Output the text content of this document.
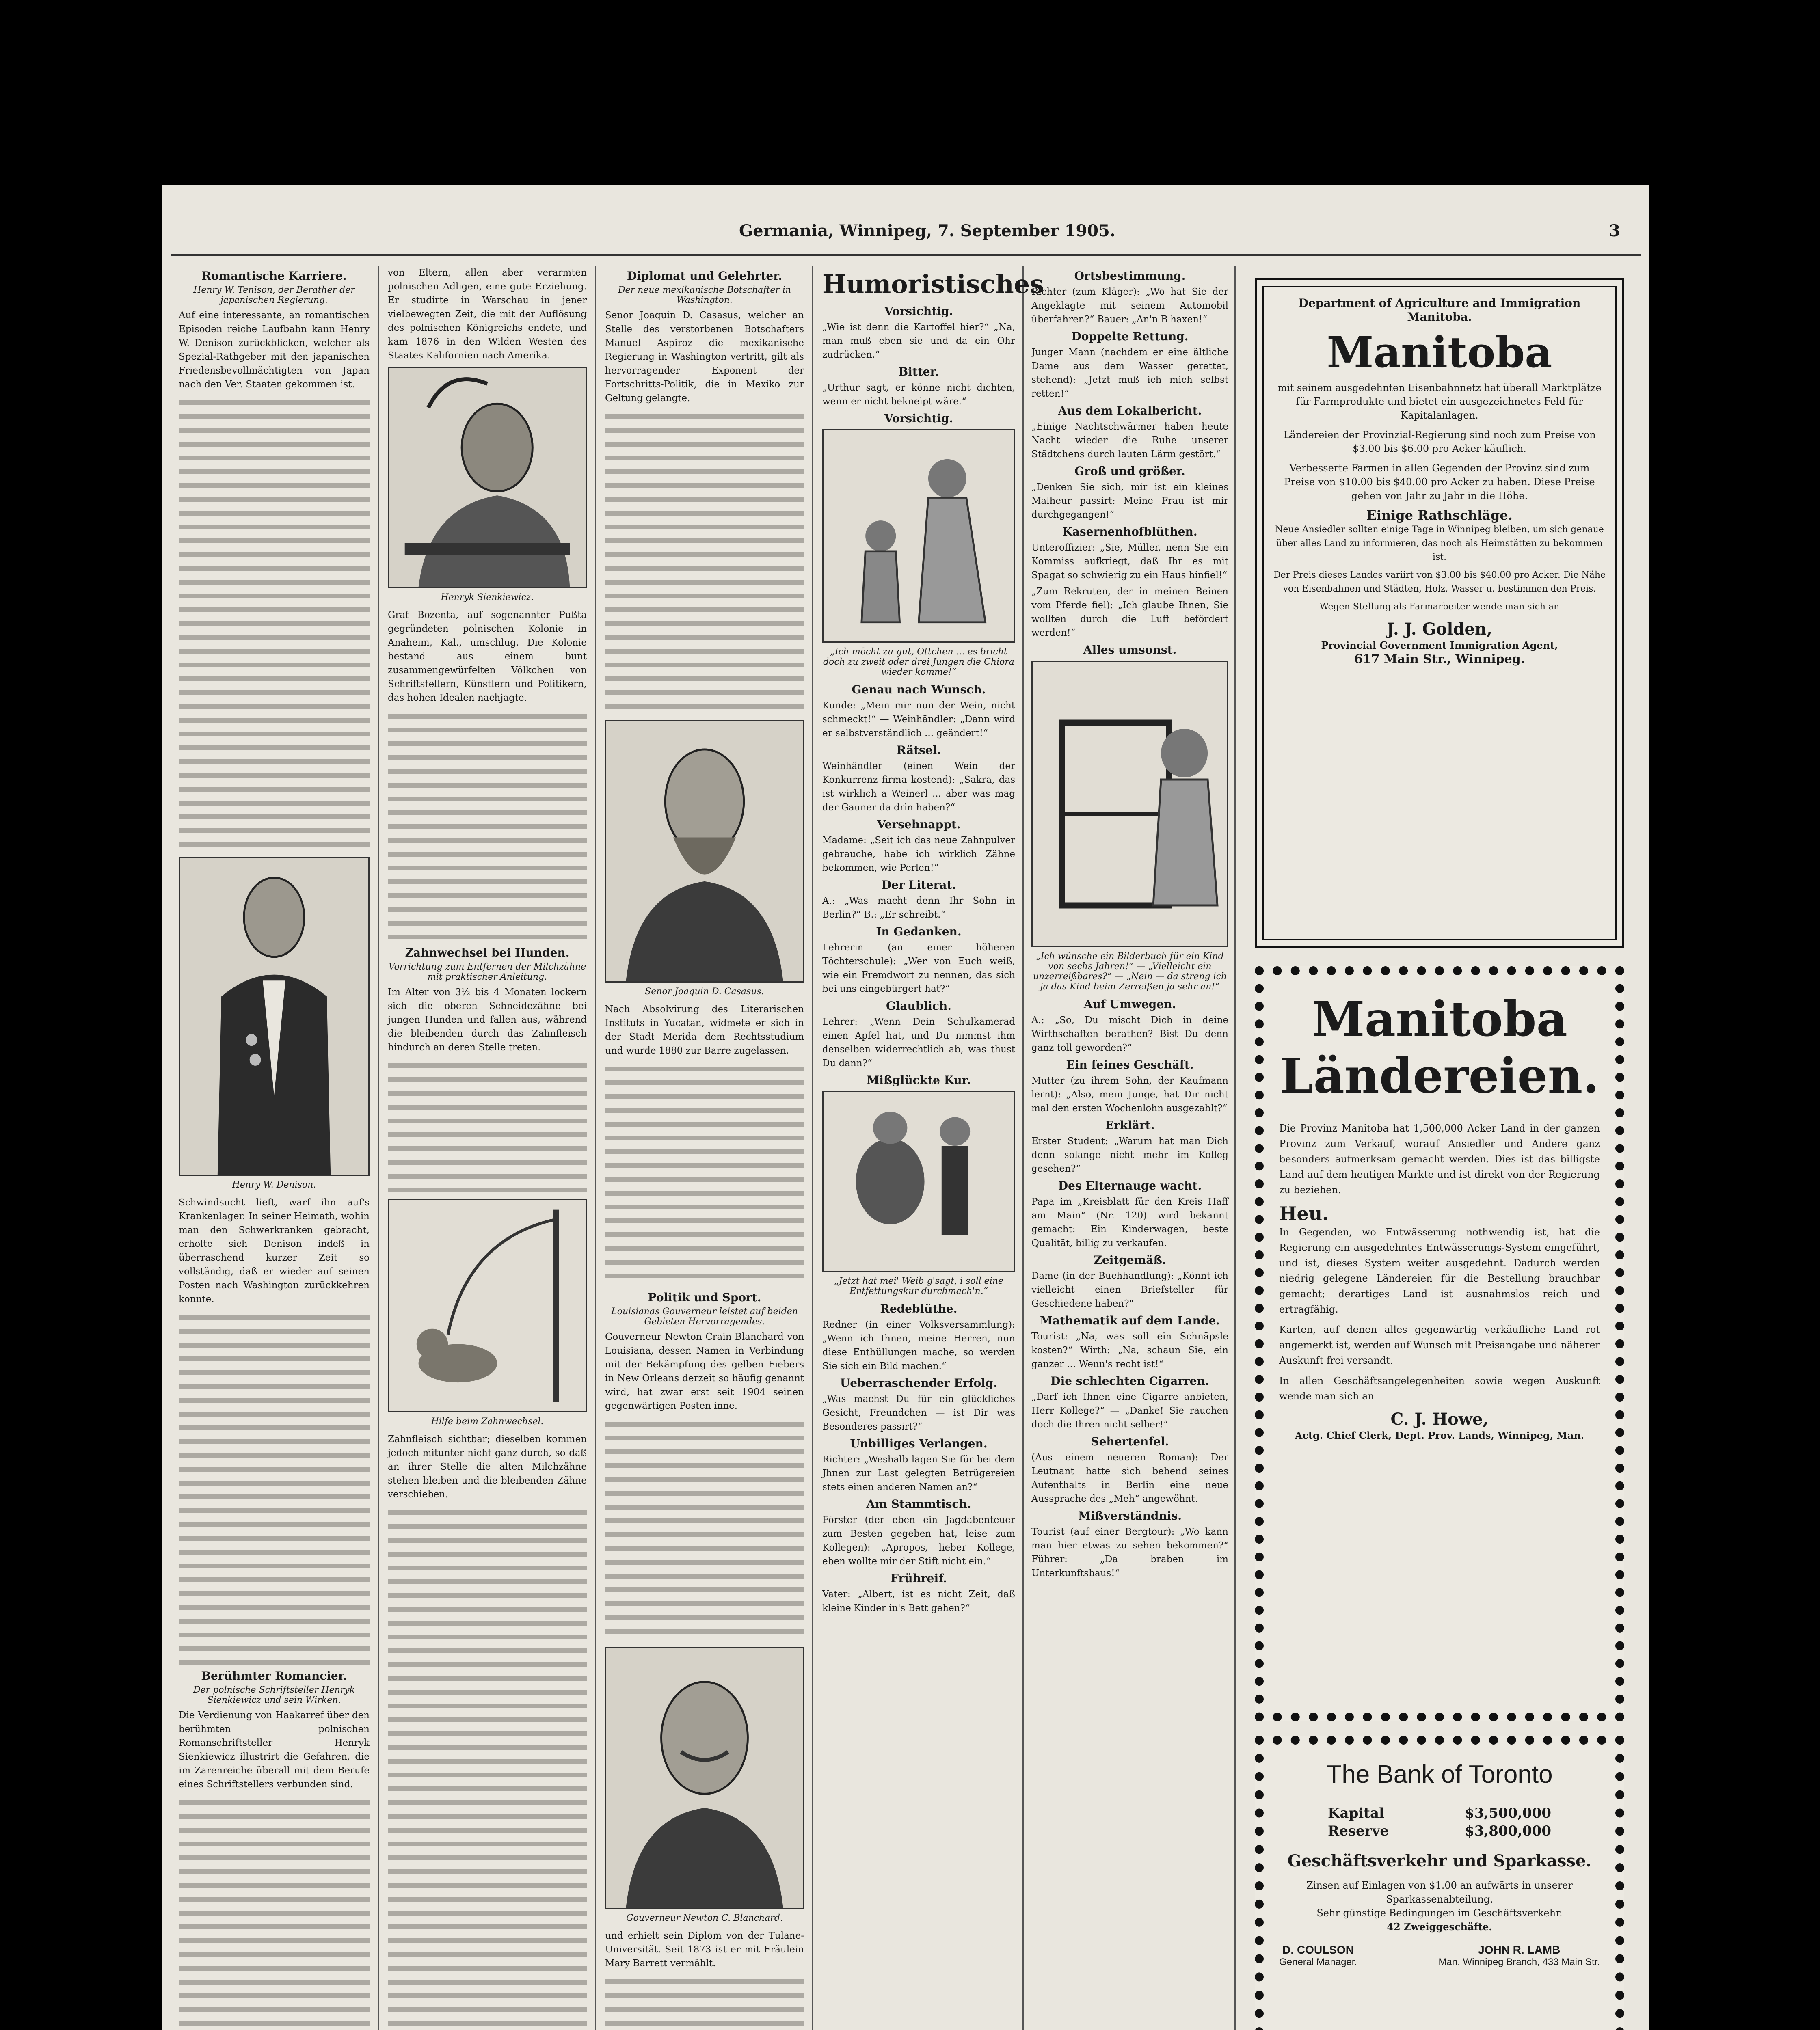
Germania, Winnipeg, 7. September 1905.	3
Romantische Karriere.
Henry W. Tenison, der Berather der japanischen Regierung.
Auf eine interessante, an romantischen Episoden reiche Laufbahn kann Henry W. Denison zurückblicken, welcher als Spezial-Rathgeber mit den japanischen Friedensbevollmächtigten von Japan nach den Ver. Staaten gekommen ist.
Henry W. Denison.
Schwindsucht lieft, warf ihn auf's Krankenlager. In seiner Heimath, wohin man den Schwerkranken gebracht, erholte sich Denison indeß in überraschend kurzer Zeit so vollständig, daß er wieder auf seinen Posten nach Washington zurückkehren konnte.
Berühmter Romancier.
Der polnische Schriftsteller Henryk Sienkiewicz und sein Wirken.
Die Verdienung von Haakarref über den berühmten polnischen Romanschriftsteller Henryk Sienkiewicz illustrirt die Gefahren, die im Zarenreiche überall mit dem Berufe eines Schriftstellers verbunden sind.
von Eltern, allen aber verarmten polnischen Adligen, eine gute Erziehung. Er studirte in Warschau in jener vielbewegten Zeit, die mit der Auflösung des polnischen Königreichs endete, und kam 1876 in den Wilden Westen des Staates Kalifornien nach Amerika.
Henryk Sienkiewicz.
Graf Bozenta, auf sogenannter Pußta gegründeten polnischen Kolonie in Anaheim, Kal., umschlug. Die Kolonie bestand aus einem bunt zusammengewürfelten Völkchen von Schriftstellern, Künstlern und Politikern, das hohen Idealen nachjagte.
Zahnwechsel bei Hunden.
Vorrichtung zum Entfernen der Milchzähne mit praktischer Anleitung.
Im Alter von 3½ bis 4 Monaten lockern sich die oberen Schneidezähne bei jungen Hunden und fallen aus, während die bleibenden durch das Zahnfleisch hindurch an deren Stelle treten.
Hilfe beim Zahnwechsel.
Zahnfleisch sichtbar; dieselben kommen jedoch mitunter nicht ganz durch, so daß an ihrer Stelle die alten Milchzähne stehen bleiben und die bleibenden Zähne verschieben.
Diplomat und Gelehrter.
Der neue mexikanische Botschafter in Washington.
Senor Joaquin D. Casasus, welcher an Stelle des verstorbenen Botschafters Manuel Aspiroz die mexikanische Regierung in Washington vertritt, gilt als hervorragender Exponent der Fortschritts-Politik, die in Mexiko zur Geltung gelangte.
Senor Joaquin D. Casasus.
Nach Absolvirung des Literarischen Instituts in Yucatan, widmete er sich in der Stadt Merida dem Rechtsstudium und wurde 1880 zur Barre zugelassen.
Politik und Sport.
Louisianas Gouverneur leistet auf beiden Gebieten Hervorragendes.
Gouverneur Newton Crain Blanchard von Louisiana, dessen Namen in Verbindung mit der Bekämpfung des gelben Fiebers in New Orleans derzeit so häufig genannt wird, hat zwar erst seit 1904 seinen gegenwärtigen Posten inne.
Gouverneur Newton C. Blanchard.
und erhielt sein Diplom von der Tulane-Universität. Seit 1873 ist er mit Fräulein Mary Barrett vermählt.
Humoristisches
Vorsichtig.
„Wie ist denn die Kartoffel hier?“ „Na, man muß eben sie und da ein Ohr zudrücken.“
Bitter.
„Urthur sagt, er könne nicht dichten, wenn er nicht bekneipt wäre.“
Vorsichtig.
„Ich möcht zu gut, Ottchen ... es bricht doch zu zweit oder drei Jungen die Chiora wieder komme!“
Genau nach Wunsch.
Kunde: „Mein mir nun der Wein, nicht schmeckt!“ — Weinhändler: „Dann wird er selbstverständlich ... geändert!“
Rätsel.
Weinhändler (einen Wein der Konkurrenz firma kostend): „Sakra, das ist wirklich a Weinerl ... aber was mag der Gauner da drin haben?“
Versehnappt.
Madame: „Seit ich das neue Zahnpulver gebrauche, habe ich wirklich Zähne bekommen, wie Perlen!“
Der Literat.
A.: „Was macht denn Ihr Sohn in Berlin?“ B.: „Er schreibt.“
In Gedanken.
Lehrerin (an einer höheren Töchterschule): „Wer von Euch weiß, wie ein Fremdwort zu nennen, das sich bei uns eingebürgert hat?“
Glaublich.
Lehrer: „Wenn Dein Schulkamerad einen Apfel hat, und Du nimmst ihm denselben widerrechtlich ab, was thust Du dann?“
Mißglückte Kur.
„Jetzt hat mei' Weib g'sagt, i soll eine Entfettungskur durchmach'n.“
Redeblüthe.
Redner (in einer Volksversammlung): „Wenn ich Ihnen, meine Herren, nun diese Enthüllungen mache, so werden Sie sich ein Bild machen.“
Ueberraschender Erfolg.
„Was machst Du für ein glückliches Gesicht, Freundchen — ist Dir was Besonderes passirt?“
Unbilliges Verlangen.
Richter: „Weshalb lagen Sie für bei dem Jhnen zur Last gelegten Betrügereien stets einen anderen Namen an?“
Am Stammtisch.
Förster (der eben ein Jagdabenteuer zum Besten gegeben hat, leise zum Kollegen): „Apropos, lieber Kollege, eben wollte mir der Stift nicht ein.“
Frühreif.
Vater: „Albert, ist es nicht Zeit, daß kleine Kinder in's Bett gehen?“
Ortsbestimmung.
Richter (zum Kläger): „Wo hat Sie der Angeklagte mit seinem Automobil überfahren?“ Bauer: „An'n B'haxen!“
Doppelte Rettung.
Junger Mann (nachdem er eine ältliche Dame aus dem Wasser gerettet, stehend): „Jetzt muß ich mich selbst retten!“
Aus dem Lokalbericht.
„Einige Nachtschwärmer haben heute Nacht wieder die Ruhe unserer Städtchens durch lauten Lärm gestört.“
Groß und größer.
„Denken Sie sich, mir ist ein kleines Malheur passirt: Meine Frau ist mir durchgegangen!“
Kasernenhofblüthen.
Unteroffizier: „Sie, Müller, nenn Sie ein Kommiss aufkriegt, daß Ihr es mit Spagat so schwierig zu ein Haus hinfiel!“
„Zum Rekruten, der in meinen Beinen vom Pferde fiel): „Ich glaube Ihnen, Sie wollten durch die Luft befördert werden!“
Alles umsonst.
„Ich wünsche ein Bilderbuch für ein Kind von sechs Jahren!“ — „Vielleicht ein unzerreißbares?“ — „Nein — da streng ich ja das Kind beim Zerreißen ja sehr an!“
Auf Umwegen.
A.: „So, Du mischt Dich in deine Wirthschaften berathen? Bist Du denn ganz toll geworden?“
Ein feines Geschäft.
Mutter (zu ihrem Sohn, der Kaufmann lernt): „Also, mein Junge, hat Dir nicht mal den ersten Wochenlohn ausgezahlt?“
Erklärt.
Erster Student: „Warum hat man Dich denn solange nicht mehr im Kolleg gesehen?“
Des Elternauge wacht.
Papa im „Kreisblatt für den Kreis Haff am Main“ (Nr. 120) wird bekannt gemacht: Ein Kinderwagen, beste Qualität, billig zu verkaufen.
Zeitgemäß.
Dame (in der Buchhandlung): „Könnt ich vielleicht einen Briefsteller für Geschiedene haben?“
Mathematik auf dem Lande.
Tourist: „Na, was soll ein Schnäpsle kosten?“ Wirth: „Na, schaun Sie, ein ganzer ... Wenn's recht ist!“
Die schlechten Cigarren.
„Darf ich Ihnen eine Cigarre anbieten, Herr Kollege?“ — „Danke! Sie rauchen doch die Ihren nicht selber!“
Sehertenfel.
(Aus einem neueren Roman): Der Leutnant hatte sich behend seines Aufenthalts in Berlin eine neue Aussprache des „Meh“ angewöhnt.
Mißverständnis.
Tourist (auf einer Bergtour): „Wo kann man hier etwas zu sehen bekommen?“ Führer: „Da braben im Unterkunftshaus!“
Department of Agriculture and Immigration
Manitoba.
Manitoba
mit seinem ausgedehnten Eisenbahnnetz hat überall Marktplätze für Farmprodukte und bietet ein ausgezeichnetes Feld für Kapitalanlagen.
Ländereien der Provinzial-Regierung sind noch zum Preise von $3.00 bis $6.00 pro Acker käuflich.
Verbesserte Farmen in allen Gegenden der Provinz sind zum Preise von $10.00 bis $40.00 pro Acker zu haben. Diese Preise gehen von Jahr zu Jahr in die Höhe.
Einige Rathschläge.
Neue Ansiedler sollten einige Tage in Winnipeg bleiben, um sich genaue über alles Land zu informieren, das noch als Heimstätten zu bekommen ist.
Der Preis dieses Landes variirt von $3.00 bis $40.00 pro Acker. Die Nähe von Eisenbahnen und Städten, Holz, Wasser u. bestimmen den Preis.
Wegen Stellung als Farmarbeiter wende man sich an
J. J. Golden,
Provincial Government Immigration Agent,
617 Main Str., Winnipeg.
Manitoba
Ländereien.
Die Provinz Manitoba hat 1,500,000 Acker Land in der ganzen Provinz zum Verkauf, worauf Ansiedler und Andere ganz besonders aufmerksam gemacht werden. Dies ist das billigste Land auf dem heutigen Markte und ist direkt von der Regierung zu beziehen.
Heu.
In Gegenden, wo Entwässerung nothwendig ist, hat die Regierung ein ausgedehntes Entwässerungs-System eingeführt, und ist, dieses System weiter ausgedehnt. Dadurch werden niedrig gelegene Ländereien für die Bestellung brauchbar gemacht; derartiges Land ist ausnahmslos reich und ertragfähig.
Karten, auf denen alles gegenwärtig verkäufliche Land rot angemerkt ist, werden auf Wunsch mit Preisangabe und näherer Auskunft frei versandt.
In allen Geschäftsangelegenheiten sowie wegen Auskunft wende man sich an
C. J. Howe,
Actg. Chief Clerk, Dept. Prov. Lands, Winnipeg, Man.
The Bank of Toronto
Kapital	$3,500,000
Reserve	$3,800,000
Geschäftsverkehr und Sparkasse.
Zinsen auf Einlagen von $1.00 an aufwärts in unserer Sparkassenabteilung.
Sehr günstige Bedingungen im Geschäftsverkehr.
42 Zweiggeschäfte.
D. COULSON
General Manager.
JOHN R. LAMB
Man. Winnipeg Branch, 433 Main Str.
